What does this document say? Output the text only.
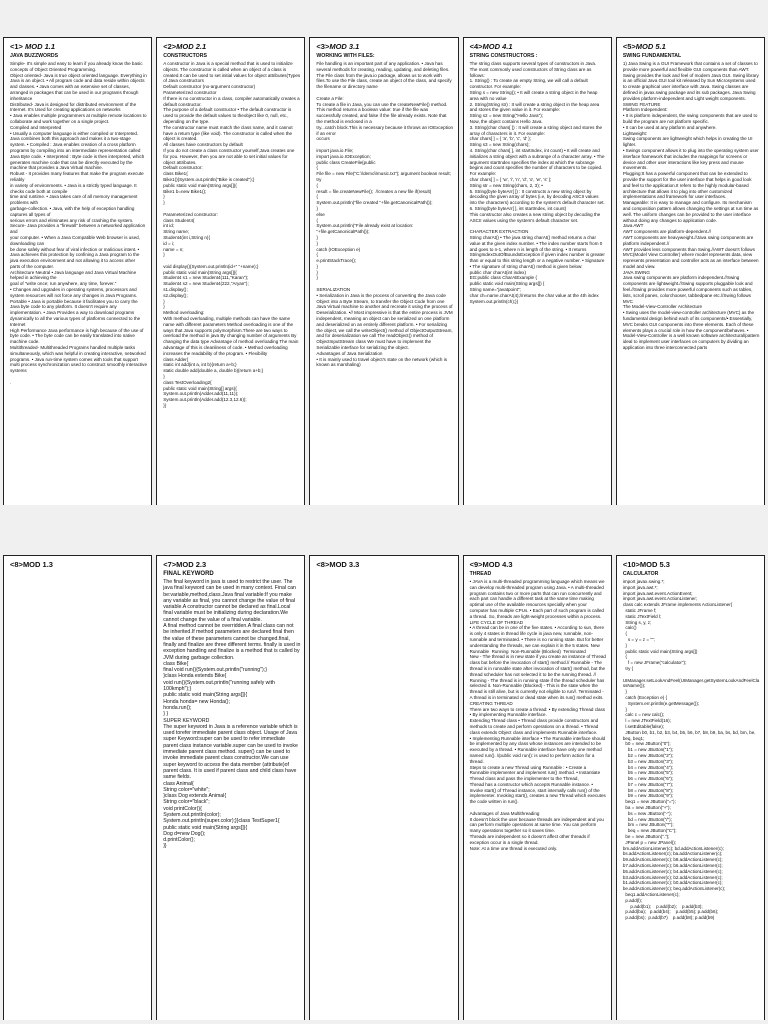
<1> MOD 1.1
JAVA BUZZWORDS

Simple- It's simple and easy to learn if you already know the basic concepts of Object Oriented Programming.
Object oriented- Java is true object oriented language. Everything in Java is an object. • All program code and data reside within objects and classes. • Java comes with an extensive set of classes, arranged in packages that can be used in our programs through inheritance
Distributed- Java is designed for distributed environment of the Internet. It's Used for creating applications on networks
• Java enables multiple programmers at multiple remote locations to collaborate and work together on a single project.
Compiled and Interpreted
• Usually a computer language is either compiled or Interpreted. Java combines both this approach and makes it a two-stage system. • Compiled : Java enables creation of a cross platform programs by compiling into an intermediate representation called Java Byte code. • Interpreted : Byte code is then interpreted, which generates machine code that can be directly executed by the machine that provides a Java Virtual machine.
Robust - It provides many features that make the program execute reliably
in variety of environments. • Java is a strictly typed language. It checks code both at compile
time and runtime. • Java takes care of all memory management problems with
garbage-collection. • Java, with the help of exception handling captures all types of
serious errors and eliminates any risk of crashing the system.
Secure- Java provides a "firewall" between a networked application and
your computer. • When a Java Compatible Web browser is used, downloading can
be done safely without fear of viral infection or malicious intent. • Java achieves this protection by confining a Java program to the
java execution environment and not allowing it to access other
parts of the computer.
Architecture Neutral • Java language and Java Virtual Machine helped in achieving the
goal of "write once; run anywhere, any time, forever."
• Changes and upgrades in operating systems, processors and system resources will not force any changes in Java Programs.
Portable • Java is portable because it facilitates you to carry the Java byte code to any platform. It doesn't require any implementation. • Java Provides a way to download programs dynamically to all the various types of platforms connected to the Internet
High Performance Java performance is high because of the use of byte code. • The byte code can be easily translated into native machine code.
Multithreaded- Multithreaded Programs handled multiple tasks simultaneously, which was helpful in creating interactive, networked programs. • Java run-time system comes with tools that support multi process synchronization used to construct smoothly interactive systems

.

<2>MOD 2.1
CONSTRUCTORS

A constructor in Java is a special method that is used to initialize objects. The constructor is called when an object of a class is created.It can be used to set initial values for object attributes(Types of Java constructors
Default constructor (no-argument constructor)
Parameterized constructor
If there is no constructor in a class, compiler automatically creates a default constructor.
The purpose of a default constructor • The default constructor is used to provide the default values to theobject like 0, null, etc., depending on the type.
The constructor name must match the class name, and it cannot have a return type (like void). The constructor is called when the object is created.
All classes have constructors by default
If you do not create a class constructor yourself,Java creates one for you. However, then you are not able to set initial values for object attributes.
Default constructor:
class Bike1{
Bike1(){System.out.println("Bike is created");}
public static void main(String args[]){
Bike1 b=new Bike1();
}
}

Parameterized constructor:
class Student4{
int id;
String name;
Student4(int i,String n){
id = i;
name = n;
}

void display(){System.out.println(id+" "+name);}
public static void main(String args[]){
Student4 s1 = new Student4(111,"Karan");
Student4 s2 = new Student4(222,"Aryan");
s1.display();
s2.display();
}
}
Method overloading:
With method overloading, multiple methods can have the same name with different parameters Method overloading is one of the ways that Java supports polymorphism.There are two ways to overload the method in java By changing number of arguments By changing the data type Advantage of method overloading The main advantage of this is cleanliness of code. • Method overloading increases the readability of the program. • Flexibility
class Adder{
static int add(int a, int b){return a+b;}
static double add(double a, double b){return a+b;}
}
class TestOverloading2{
public static void main(String[] args){
System.out.println(Adder.add(11,11));
System.out.println(Adder.add(12.3,12.6));
}}

<3>MOD 3.1
WORKING WITH FILES:

File handling is an important part of any application. • Java has several methods for creating, reading, updating, and deleting files. The File class from the java.io package, allows us to work with files.To use the File class, create an object of the class, and specify the filename or directory name

Create a File:
To create a file in Java, you can use the createNewFile() method.
This method returns a boolean value: true if the file was
successfully created, and false if the file already exists. Note that the method is enclosed in a
try...catch block.This is necessary because it throws an IOException if an error
occurs

import java.io.File;
import java.io.IOException;
public class CreateFile{public
{
File file = new File("C:\\demo\\music.txt"); argument boolean result;
try
{
result = file.createNewFile();  //creates a new file if(result)
{
System.out.println("file created "+file.getCanonicalPath());
}
else
{
System.out.println("File already exist at location: "+file.getCanonicalPath());
}
}
catch (IOException e)
{
e.printStackTrace();
}
}
}

SERIALIZATION
• Serialization in Java is the process of converting the Java code Object into a Byte Stream, to transfer the Object Code from one Java Virtual machine to another and recreate it using the process of Deserialization. •// Most impressive is that the entire process is JVM independent, meaning an object can be serialized on one platform and deserialized on an entirely different platform. • For serializing the object, we call the writeObject() method of ObjectOutputStream, and for deserialization we call The readObject() method of ObjectInputStream class We must have to implement the Serializable interface for serializing the object.
Advantages of Java Serialization
• It is mainly used to travel object's state on the network (which is
known as marshaling)

<4>MOD 4.1
STRING CONSTRUCTORS :

The string class supports several types of constructors in Java.
The most commonly used constructors of String class are as
follows:
1. String() : To create an empty String, we will call a default constructor. For example:
String s = new String(); • It will create a string object in the heap area with no value
2. String(String str) : It will create a string object in the heap area and stores the given value in it. For example:
String s2 = new String("Hello Java");
Now, the object contains Hello Java.
3. String(char chars[ ]) : It will create a string object and stores the array of characters in it. For example:
char chars[ ] = { 'a', 'b', 'c', 'd' };
String s3 = new String(chars);
4. String(char chars[ ], int startIndex, int count) • It will create and initializes a string object with a subrange of a character array. • The argument startIndex specifies the index at which the subrange begins and count specifies the number of characters to be copied.
For example:
char chars[ ] = { 'w', 'i', 'n', 'd', 'o', 'w', 's' };
String str = new String(chars, 2, 3); •
5. String(byte byteArr[ ]) : It constructs a new string object by decoding the given array of bytes (i.e, by decoding ASCII values into the characters) according to the system's default character set.
6. String(byte byteArr[ ], int startIndex, int count)
This constructor also creates a new string object by decoding the ASCII values using the system's default character set.

CHARACTER EXTRACTION
String charAt() • The java string charAt() method returns a char value at the given index number. • The index number starts from 0 and goes to n-1, where n is length of the string. • It returns StringIndexOutOfBoundsException if given index number is greater than or equal to this string length or a negative number. • Signature • The signature of string charAt() method is given below:
public char charAt(int index)
EG:public class CharAtExample {
public static void main(String args[]) {
String name="javatpoint";
char ch=name.charAt(4);//returns the char value at the 4th index
System.out.println(ch);}}

<5>MOD 5.1
SWING FUNDAMENTAL

1) Java Swing is a GUI Framework that contains a set of classes to provide more powerful and flexible GUI components than AWT. Swing provides the look and feel of modern Java GUI. Swing library is an official Java GUI tool kit released by Sun Microsystems used to create graphical user interface with Java. Swing classes are defined in javax.swing package and its sub packages. Java Swing provides platform-independent and Light weight components.
SWING FEATURE
Platform Independent:
• It is platform independent, the swing components that are used to build the program are not platform specific.
• It can be used at any platform and anywhere.
Lightweight:
Swing components are lightweight which helps in creating the UI lighter.
• Swings component allows it to plug into the operating system user interface framework that includes the mappings for screens or device and other user interactions like key press and mouse movements.
Plugging:It has a powerful component that can be extended to provide the support for the user interface that helps in good look and feel to the application.It refers to the highly modular-based architecture that allows it to plug into other customized implementations and framework for user interfaces.
Manageable: It is easy to manage and configure. Its mechanism and composition pattern allows changing the settings at run time as well. The uniform changes can be provided to the user interface without doing any changes to application code.
Java AWT
AWT components are platform-dependent.//
AWT components are heavyweight.//Java swing components are platform independent.//
AWT provides less components than Swing.//AWT doesn't follows MVC(Model View Controller) where model represents data, view represents presentation and controller acts as an interface between model and view.
JAVA SWING
Java swing components are platform independent.//Swing components are lightweight.//Swing supports pluggable look and feel.//Swing provides more powerful components such as tables, lists, scroll panes, colorchooser, tabbedpane etc.//Swing follows MVC
The Model-View-Controller Architecture
• Swing uses the model-view-controller architecture (MVC) as the fundamental design behind each of its components/• Essentially, MVC breaks GUI components into three elements. Each of these elements plays a crucial role in how the component/behaves. • Model-View-Controller is a well known software architectural/pattern ideal to implement user interfaces on computers by dividing an application into three interconnected parts

<8>MOD 1.3	<7>MOD 2.3
FINAL KEYWORD

The final keyword in java is used to restrict the user. The java final keyword can be used in many context. Final can be:variable,method,class.Java final variable:If you make any variable as final, you cannot change the value of final variable.A constructor cannot be declared as final.Local final variable must be initializing during declaration.We cannot change the value of a final variable.
A final method cannot be overridden.A final class can not be inherited.If method parameters are declared final then the value of these parameters cannot be changed.final, finally and finalize are three different terms. finally is used in exception handling and finalize is a method that is called by JVM during garbage collection.
class Bike{
final void run(){System.out.println("running");}
}class Honda extends Bike{
void run(){System.out.println("running safely with 100kmph");}
public static void main(String args[]){
Honda honda= new Honda();
honda.run();
} }
SUPER KEYWORD
The super keyword in Java is a reference variable which is used torefer immediate parent class object. Usage of Java super Keyword:super can be used to refer immediate parent class instance variable.super can be used to invoke immediate parent class method. super() can be used to invoke immediate parent class constructor.We can use super keyword to access the data member (attribute)of parent class. It is used if parent class and child class have same fields.
class Animal{
String color="white";
}class Dog extends Animal{
String color="black";
void printColor(){
System.out.println(color);
System.out.println(super.color);}}class TestSuper1{
public static void main(String args[]){
Dog d=new Dog();
d.printColor();
}}

<8>MOD 3.3	<9>MOD 4.3
THREAD

• JAVA is a multi-threaded programming language which means we can develop multi-threaded program using Java. • A multi-threaded program contains two or more parts that can run concurrently and each part can handle a different task at the same time making optimal use of the available resources specially when your computer has multiple CPUs. • Each part of such program is called a thread. So, threads are light-weight processes within a process.
LIFE CYCLE OF THREAD
• A thread can be in one of the five states. • According to sun, there is only 4 states in thread life cycle in java new, runnable, non-runnable and terminated. • There is no running state. But for better understanding the threads, we can explain it in the 5 states. New  Runnable  Running  Non-Runnable (Blocked)  Terminated
New - The thread is in new state if you create an instance of Thread class but before the invocation of start() method.// Runnable - The thread is in runnable state after invocation of start() method, but the thread scheduler has not selected it to be the running thread. // Running - The thread is in running state if the thread scheduler has selected it. Non-Runnable (Blocked) - This is the state when the thread is still alive, but is currently not eligible to run//. Terminated - A thread is in terminated or dead state when its run() method exits.
CREATING THREAD
There are two ways to create a thread: • By extending Thread class
• By implementing Runnable interface.
Extending Thread class • Thread class provide constructors and methods to create and perform operations on a thread. • Thread class extends Object class and implements Runnable interface.
• Implementing Runnable interface • The Runnable interface should be implemented by any class whose instances are intended to be executed by a thread. • Runnable interface have only one method named run(). //public void run(): is used to perform action for a thread.
Steps to create a new Thread using Runnable : • Create a Runnable implementer and implement run() method. • Instantiate Thread class and pass the implementer to the Thread,
Thread has a constructor which accepts Runnable instance. • Invoke start() of Thread instance, start internally calls run() of the
implementer. Invoking start(), creates a new Thread which executes
the code written in run().

Advantages of Java Multithreading
It doesn't block the user because threads are independent and you can perform multiple operations at same time. You can perform many operations together so it saves time.
Threads are independent so it doesn't affect other threads if exception occur in a single thread.
Note: At a time one thread is executed only.

<10>MOD 5.3
CALCULATOR

import javax.swing.*;
import java.awt.*;
import java.awt.event.ActionEvent;
import java.awt.event.ActionListener;
class calc extends JFrame implements ActionListener{
static JFrame f;
static JTextField l;
String s, y, z;
calc()
{
s = y = z = "";
}
public static void main(String args[])
{
f = new JFrame("calculator");
try {

UIManager.setLookAndFeel(UIManager.getSystemLookAndFeelClassName());
}
catch (Exception e) {
System.err.println(e.getMessage());
}
calc c = new calc();
l = new JTextField(16);
l.setEditable(false);
JButton b0, b1, b2, b3, b4, b5, b6, b7, b8, b9, ba, bs, bd, bm, be, beq, beq1;
b0 = new JButton("0");
b1 = new JButton("1");
b2 = new JButton("2");
b3 = new JButton("3");
b4 = new JButton("4");
b5 = new JButton("5");
b6 = new JButton("6");
b7 = new JButton("7");
b8 = new JButton("8");
b9 = new JButton("9");
beq1 = new JButton("=");
ba = new JButton("+");
bs = new JButton("-");
bd = new JButton("/");
bm = new JButton("*");
beq = new JButton("C");
be = new JButton(".");
JPanel p = new JPanel();
bm.addActionListener(c); bd.addActionListener(c);
bs.addActionListener(c); ba.addActionListener(c);
b9.addActionListener(c); b8.addActionListener(c);
b7.addActionListener(c); b6.addActionListener(c);
b5.addActionListener(c); b4.addActionListener(c);
b3.addActionListener(c); b2.addActionListener(c);
b1.addActionListener(c); b0.addActionListener(c);
be.addActionListener(c); beq.addActionListener(c);
beq1.addActionListener(c);
p.add(l);
p.add(b1);    p.add(b2);    p.add(b3);
p.add(ba);   p.add(b4);    p.add(b5); p.add(b6);
p.add(bs);  p.add(b7)    p.add(b8); p.add(b9)
